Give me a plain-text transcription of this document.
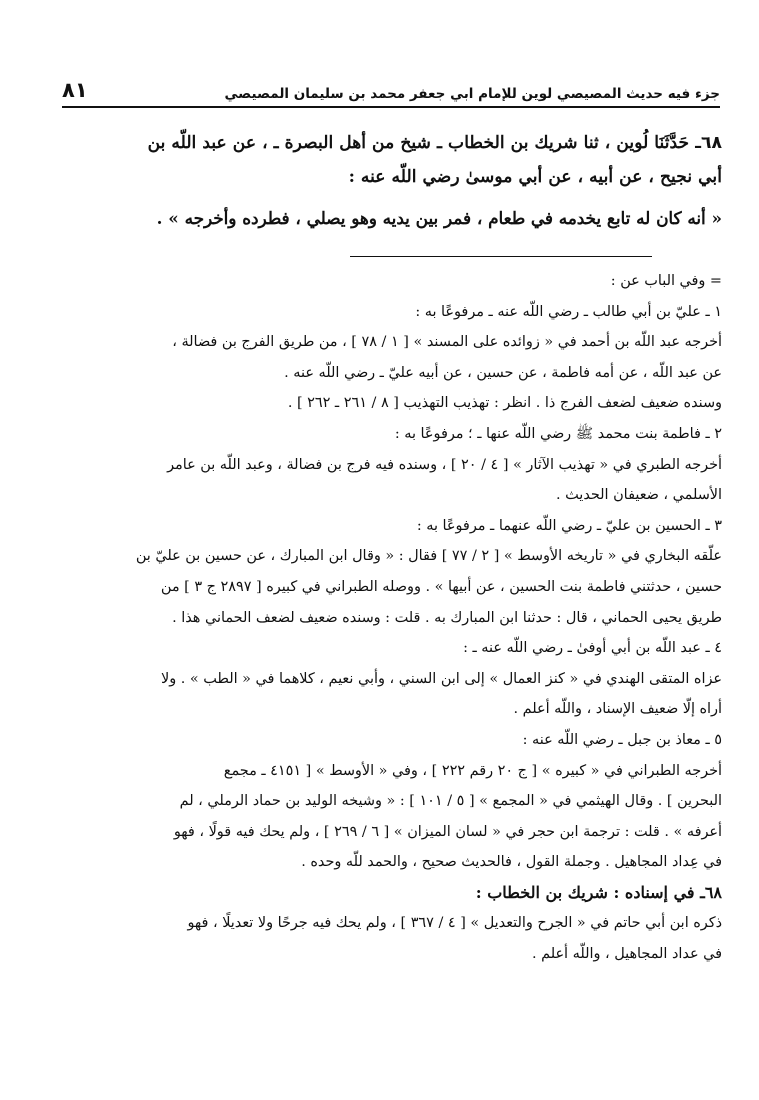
جزء فيه حديث المصيصي لوين للإمام ابي جعفر محمد بن سليمان المصيصي
٨١

٦٨ـ حَدَّثَنَا لُوين ، ثنا شريك بن الخطاب ـ شيخ من أهل البصرة ـ ، عن عبد اللّه بن

أبي نجيح ، عن أبيه ، عن أبي موسىٰ رضي اللّه عنه :

« أنه كان له تابع يخدمه في طعام ، فمر بين يديه وهو يصلي ، فطرده وأخرجه » .

= وفي الباب عن :

١ ـ عليّ بن أبي طالب ـ رضي اللّه عنه ـ مرفوعًا به :

أخرجه عبد اللّه بن أحمد في « زوائده على المسند » [ ١ / ٧٨ ] ، من طريق الفرج بن فضالة ،

عن عبد اللّه ، عن أمه فاطمة ، عن حسين ، عن أبيه عليّ ـ رضي اللّه عنه .

وسنده ضعيف لضعف الفرج ذا . انظر : تهذيب التهذيب [ ٨ / ٢٦١ ـ ٢٦٢ ] .

٢ ـ فاطمة بنت محمد ﷺ رضي اللّه عنها ـ ؛ مرفوعًا به :

أخرجه الطبري في « تهذيب الآثار » [ ٤ / ٢٠ ] ، وسنده فيه فرج بن فضالة ، وعبد اللّه بن عامر

الأسلمي ، ضعيفان الحديث .

٣ ـ الحسين بن عليّ ـ رضي اللّه عنهما ـ مرفوعًا به :

علّقه البخاري في « تاريخه الأوسط » [ ٢ / ٧٧ ] فقال : « وقال ابن المبارك ، عن حسين بن عليّ بن

حسين ، حدثتني فاطمة بنت الحسين ، عن أبيها » . ووصله الطبراني في كبيره [ ٢٨٩٧ ج ٣ ] من

طريق يحيى الحماني ، قال : حدثنا ابن المبارك به . قلت : وسنده ضعيف لضعف الحماني هذا .

٤ ـ عبد اللّه بن أبي أوفىٰ ـ رضي اللّه عنه ـ :

عزاه المتقى الهندي في « كنز العمال » إلى ابن السني ، وأبي نعيم ، كلاهما في « الطب » . ولا

أراه إلّا ضعيف الإسناد ، واللّه أعلم .

٥ ـ معاذ بن جبل ـ رضي اللّه عنه :

أخرجه الطبراني في « كبيره » [ ج ٢٠ رقم ٢٢٢ ] ، وفي « الأوسط » [ ٤١٥١ ـ مجمع

البحرين ] . وقال الهيثمي في « المجمع » [ ٥ / ١٠١ ] : « وشيخه الوليد بن حماد الرملي ، لم

أعرفه » . قلت : ترجمة ابن حجر في « لسان الميزان » [ ٦ / ٢٦٩ ] ، ولم يحك فيه قولًا ، فهو

في عِداد المجاهيل . وجملة القول ، فالحديث صحيح ، والحمد للّه وحده .

٦٨ـ في إسناده : شريك بن الخطاب :

ذكره ابن أبي حاتم في « الجرح والتعديل » [ ٤ / ٣٦٧ ] ، ولم يحك فيه جرحًا ولا تعديلًا ، فهو

في عداد المجاهيل ، واللّه أعلم .
